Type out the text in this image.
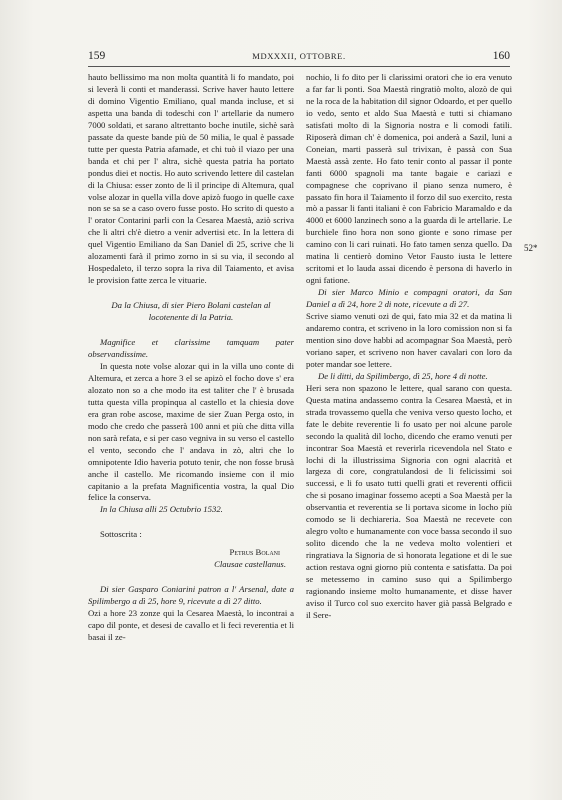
159	MDXXXII, OTTOBRE.	160

hauto bellissimo ma non molta quantità li fo mandato, poi si leverà li conti et manderassi. Scrive haver hauto lettere di domino Vigentio Emiliano, qual manda incluse, et si aspetta una banda di todeschi con l' artellarie da numero 7000 soldati, et sarano altrettanto boche inutile, sichè sarà passate da queste bande più de 50 milia, le qual è passade tutte per questa Patria afamade, et chi tuò il viazo per una banda et chi per l' altra, sichè questa patria ha portato pondus diei et noctis. Ho auto scrivendo lettere dil castelan di la Chiusa: esser zonto de lì il principe di Altemura, qual volse alozar in quella villa dove apizò fuogo in quelle caxe non se sa se a caso overo fusse posto. Ho scrito di questo a l' orator Contarini parli con la Cesarea Maestà, aziò scriva che li altri ch'è dietro a venir advertisi etc. In la lettera di quel Vigentio Emiliano da San Daniel dì 25, scrive che li alozamenti farà il primo zorno in si su via, il secondo al Hospedaleto, il terzo sopra la riva dil Taiamento, et avisa le provision fatte zerca le vituarie.

Da la Chiusa, di sier Piero Bolani castelan al locotenente di la Patria.

Magnifice et clarissime tamquam pater observandissime.

In questa note volse alozar qui in la villa uno conte di Altemura, et zerca a hore 3 el se apizò el focho dove s' era alozato non so a che modo ita est taliter che l' è brusada tutta questa villa propinqua al castello et la chiesia dove era gran robe ascose, maxime de sier Zuan Perga osto, in modo che credo che passerà 100 anni et più che ditta villa non sarà refata, e si per caso vegniva in su verso el castello el vento, secondo che l' andava in zò, altri che lo omnipotente Idio haveria potuto tenir, che non fosse brusà anche il castello. Me ricomando insieme con il mio capitanio a la prefata Magnificentia vostra, la qual Dio felice la conserva.

In la Chiusa alli 25 Octubrio 1532.

Sottoscrita :

Petrus Bolani

Clausae castellanus.

Di sier Gasparo Coniarini patron a l' Arsenal, date a Spilimbergo a dì 25, hore 9, ricevute a dì 27 ditto.

Ozi a hore 23 zonze qui la Cesarea Maestà, lo incontrai a capo dil ponte, et desesi de cavallo et li feci reverentia et li basai il ze-

nochio, li fo dito per li clarissimi oratori che io era venuto a far far li ponti. Soa Maestà ringratiò molto, alozò de qui ne la roca de la habitation dil signor Odoardo, et per quello io vedo, sento et aldo Sua Maestà e tutti si chiamano satisfati molto di la Signoria nostra e li comodi fatili. Riposerà diman ch' è domenica, poi anderà a Sazil, luni a Coneian, marti passerà sul trivixan, è passà con Sua Maestà assà zente. Ho fato tenir conto al passar il ponte fanti 6000 spagnoli ma tante bagaie e cariazi e compagnese che coprivano il piano senza numero, è passato fin hora il Taiamento il forzo dil suo exercito, resta mò a passar li fanti italiani è con Fabricio Maramaldo e da 4000 et 6000 lanzinech sono a la guarda di le artellarie. Le burchiele fino hora non sono gionte e sono rimase per camino con li cari ruinati. Ho fato tamen senza quello. Da matina li centierò domino Vetor Fausto iusta le lettere scritomi et lo lauda assai dicendo è persona di haverlo in ogni fatione.

Di sier Marco Minio e compagni oratori, da San Daniel a dì 24, hore 2 di note, ricevute a dì 27.

Scrive siamo venuti ozi de qui, fato mia 32 et da matina li andaremo contra, et scriveno in la loro comission non si fa mention sino dove habbi ad acompagnar Soa Maestà, però voriano saper, et scriveno non haver cavalari con loro da poter mandar soe lettere.

De li ditti, da Spilimbergo, dì 25, hore 4 di notte.

Heri sera non spazono le lettere, qual sarano con questa. Questa matina andassemo contra la Cesarea Maestà, et in strada trovassemo quella che veniva verso questo locho, et fate le debite reverentie li fo usato per noi alcune parole secondo la qualità dil locho, dicendo che eramo venuti per incontrar Soa Maestà et reverirla ricevendola nel Stato e lochi di la illustrissima Signoria con ogni alacrità et largeza di core, congratulandosi de li felicissimi soi successi, e li fo usato tutti quelli grati et reverenti officii che si posano imaginar fossemo acepti a Soa Maestà per la observantia et reverentia se li portava sicome in locho più comodo se li dechiareria. Soa Maestà ne recevete con alegro volto e humanamente con voce bassa secondo il suo solito dicendo che la ne vedeva molto volentieri et ringratiava la Signoria de sì honorata legatione et di le sue action restava ogni giorno più contenta e satisfatta. Da poi se metessemo in camino suso qui a Spilimbergo ragionando insieme molto humanamente, et disse haver aviso il Turco col suo exercito haver già passà Belgrado e il Sere-

52*
